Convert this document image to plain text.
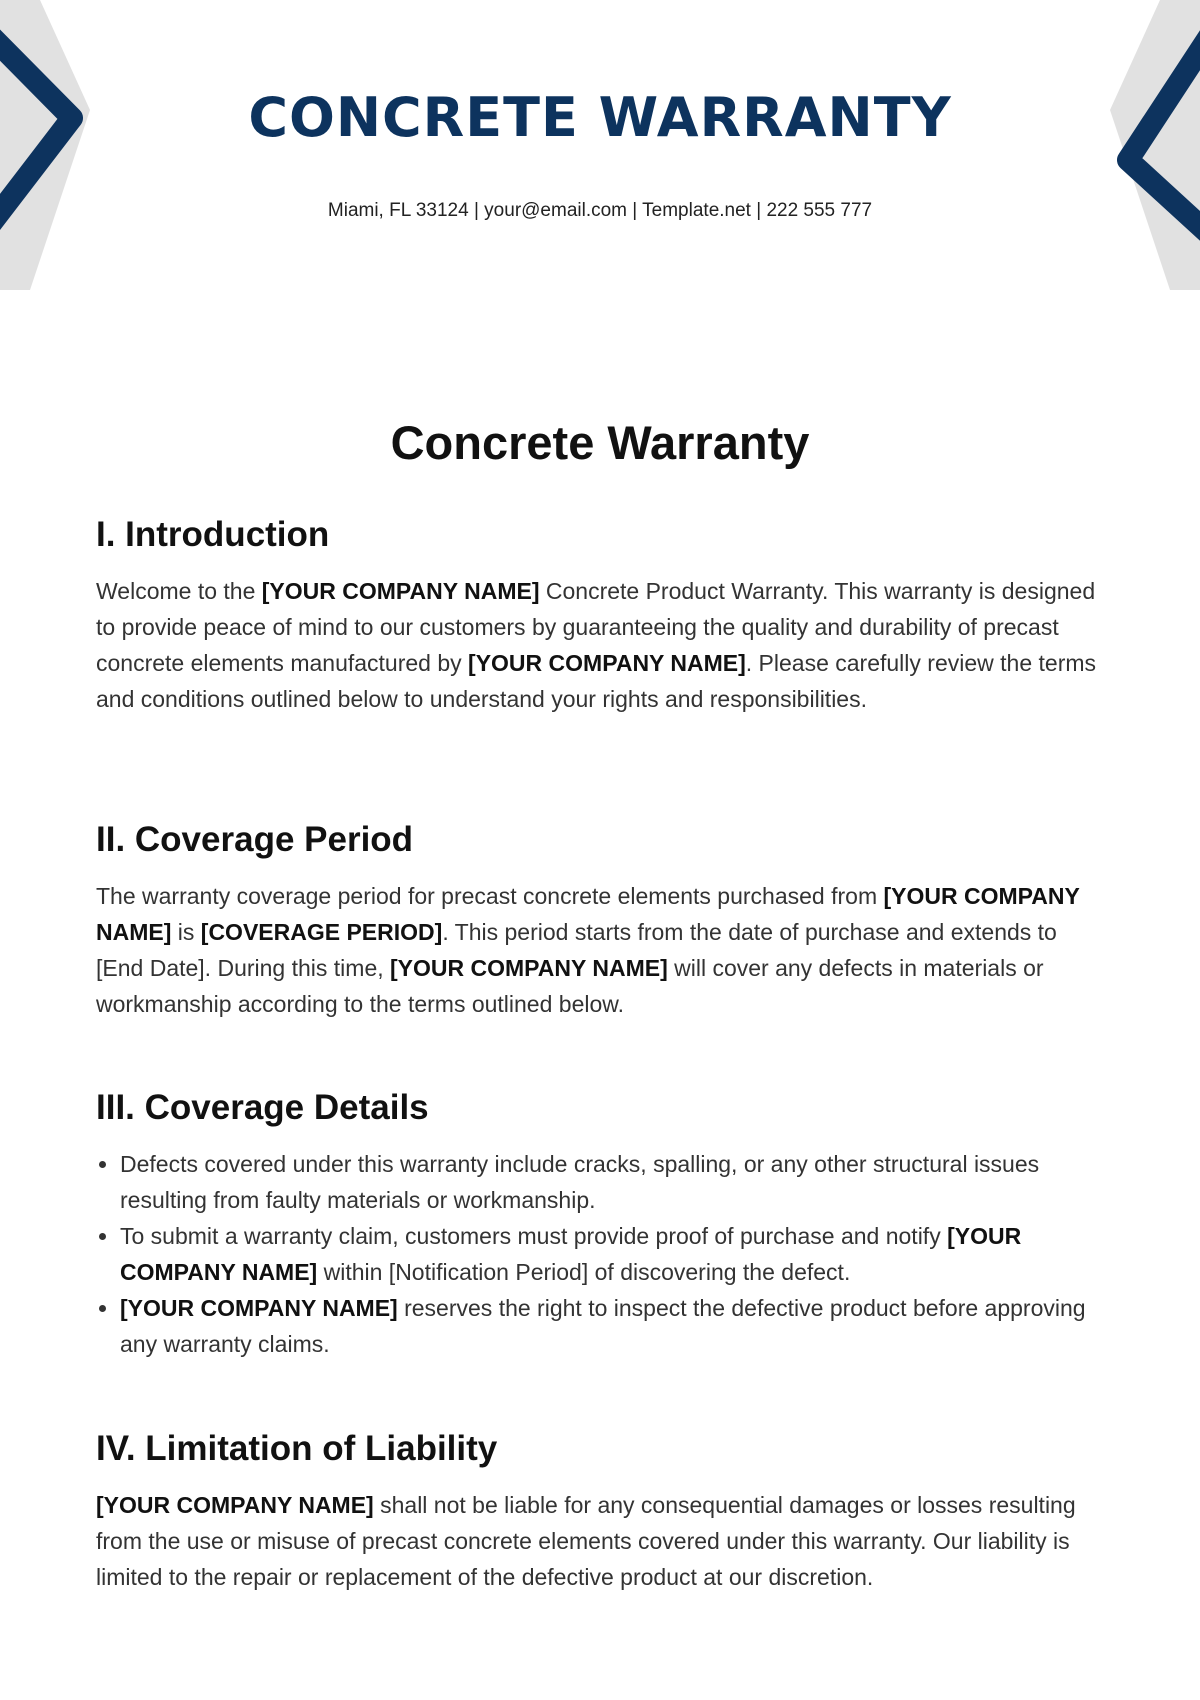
CONCRETE WARRANTY
Miami, FL 33124 | your@email.com | Template.net | 222 555 777
Concrete Warranty
I. Introduction

Welcome to the [YOUR COMPANY NAME] Concrete Product Warranty. This warranty is designed to provide peace of mind to our customers by guaranteeing the quality and durability of precast concrete elements manufactured by [YOUR COMPANY NAME]. Please carefully review the terms and conditions outlined below to understand your rights and responsibilities.

II. Coverage Period

The warranty coverage period for precast concrete elements purchased from [YOUR COMPANY NAME] is [COVERAGE PERIOD]. This period starts from the date of purchase and extends to [End Date]. During this time, [YOUR COMPANY NAME] will cover any defects in materials or workmanship according to the terms outlined below.

III. Coverage Details
• Defects covered under this warranty include cracks, spalling, or any other structural issues resulting from faulty materials or workmanship.
• To submit a warranty claim, customers must provide proof of purchase and notify [YOUR COMPANY NAME] within [Notification Period] of discovering the defect.
• [YOUR COMPANY NAME] reserves the right to inspect the defective product before approving any warranty claims.
IV. Limitation of Liability

[YOUR COMPANY NAME] shall not be liable for any consequential damages or losses resulting from the use or misuse of precast concrete elements covered under this warranty. Our liability is limited to the repair or replacement of the defective product at our discretion.
